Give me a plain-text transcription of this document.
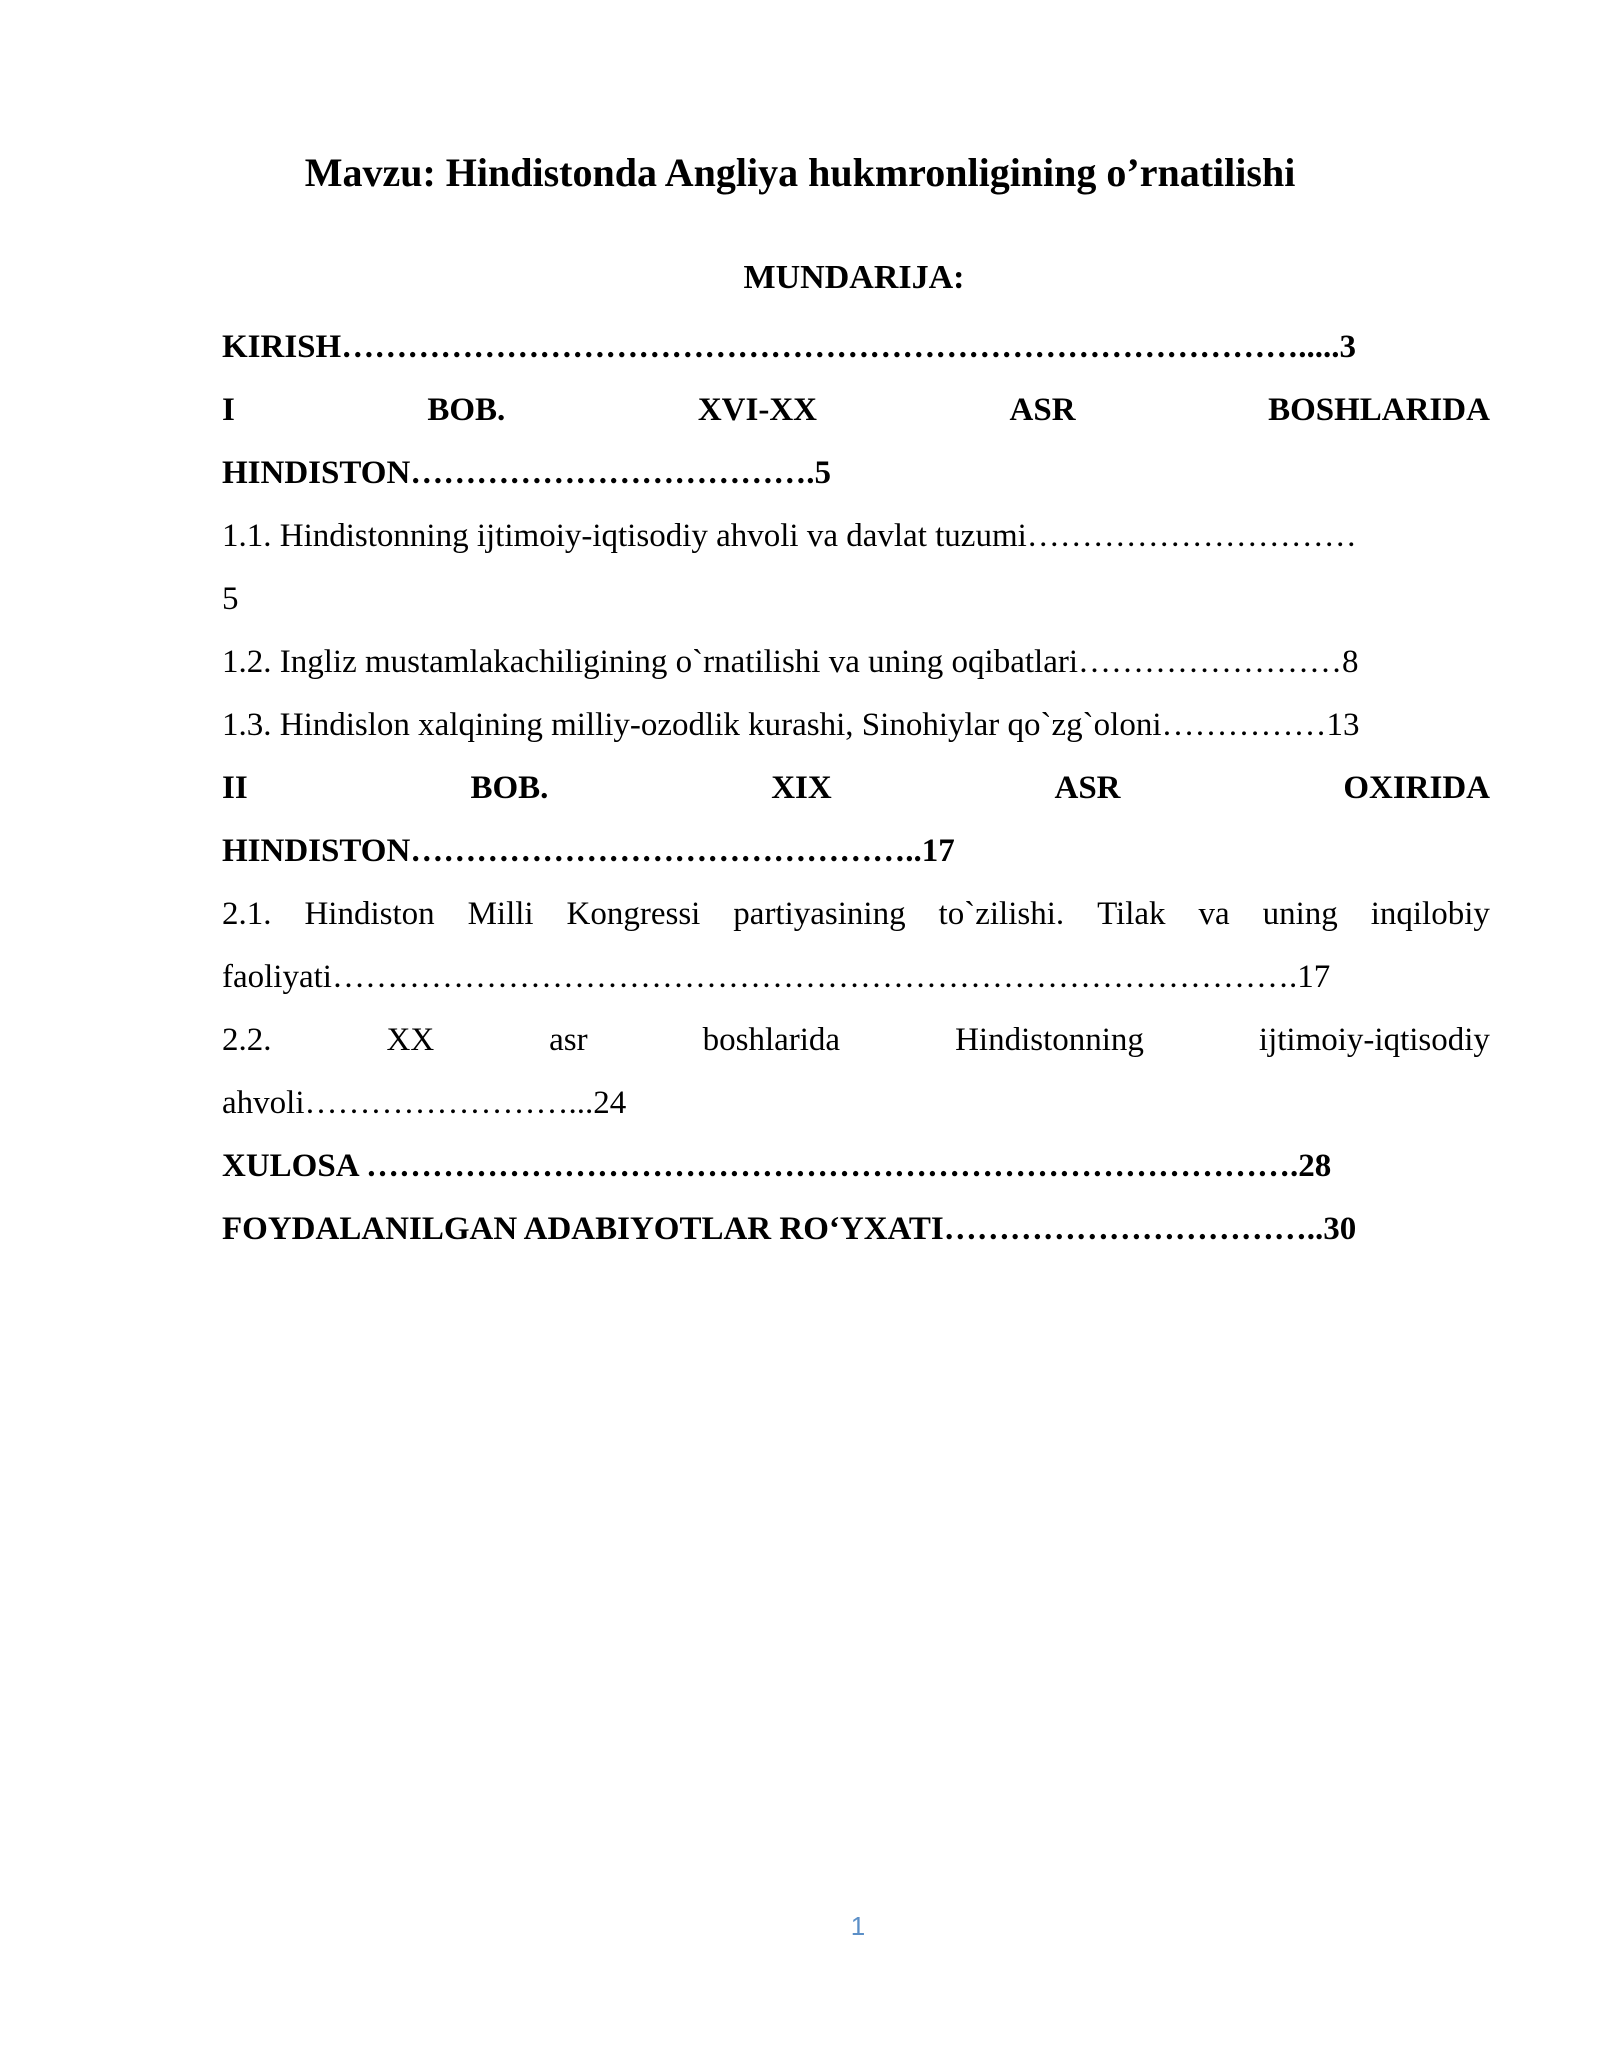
Mavzu: Hindistonda Angliya hukmronligining o’rnatilishi
MUNDARIJA:
KIRISH…………………………………………………………………………….....3
I	BOB.	XVI-XX	ASR	BOSHLARIDA
HINDISTON……………………………….5
1.1. Hindistonning ijtimoiy-iqtisodiy ahvoli va davlat tuzumi…………………………
5
1.2. Ingliz mustamlakachiligining o`rnatilishi va uning oqibatlari……………………8
1.3. Hindislon xalqining milliy-ozodlik kurashi, Sinohiylar qo`zg`oloni……………13
II	BOB.	XIX	ASR	OXIRIDA
HINDISTON………………………………………..17
2.1. Hindiston Milli Kongressi partiyasining to`zilishi. Tilak va uning inqilobiy
faoliyati…………………………………………………………………………….17
2.2.	XX	asr	boshlarida	Hindistonning	ijtimoiy-iqtisodiy
ahvoli……………………...24
XULOSA ………………………………………………………………………….28
FOYDALANILGAN ADABIYOTLAR RO‘YXATI……………………………..30
1
